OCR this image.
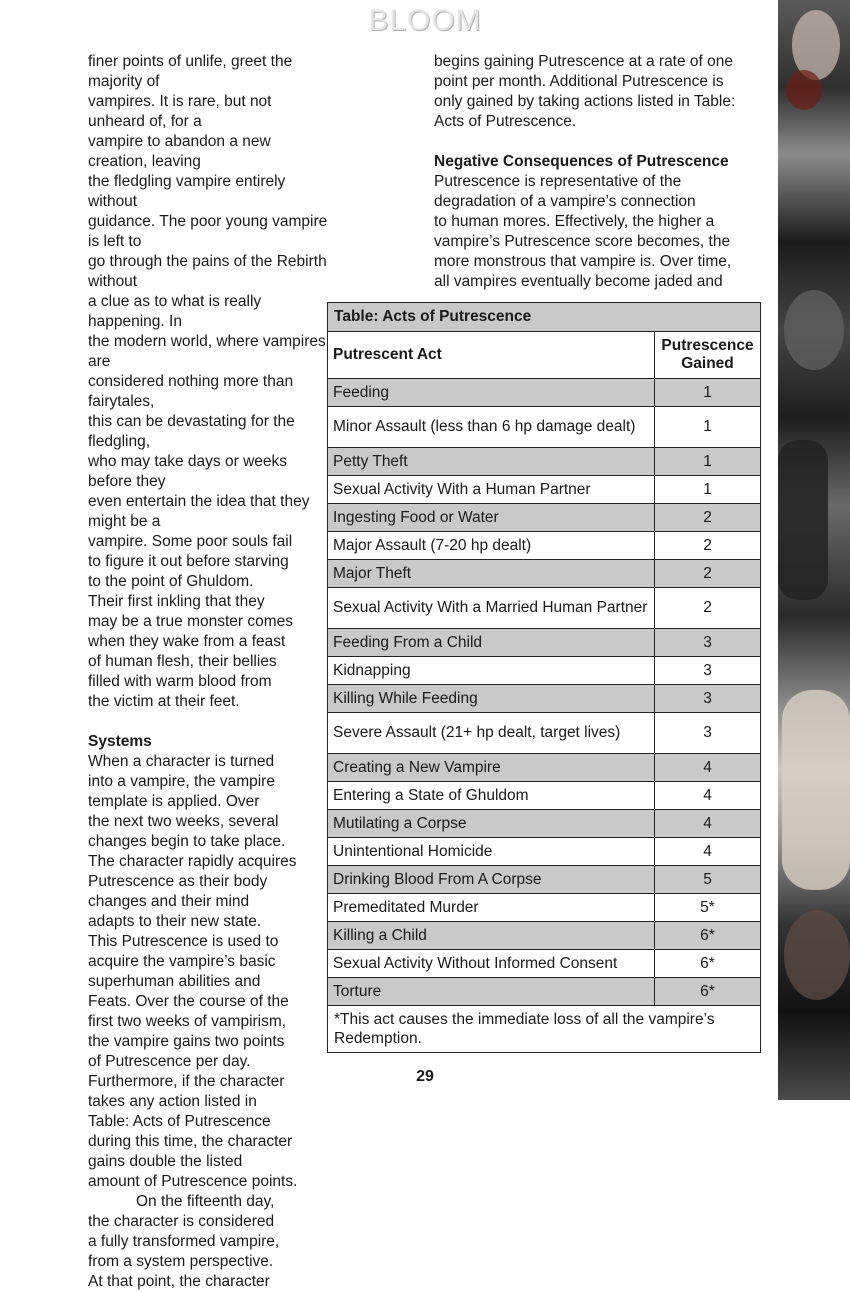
BLOOM

finer points of unlife, greet the majority of

vampires. It is rare, but not unheard of, for a

vampire to abandon a new creation, leaving

the fledgling vampire entirely without

guidance. The poor young vampire is left to

go through the pains of the Rebirth without

a clue as to what is really happening. In

the modern world, where vampires are

considered nothing more than fairytales,

this can be devastating for the fledgling,

who may take days or weeks before they

even entertain the idea that they might be a

vampire. Some poor souls fail

to figure it out before starving

to the point of Ghuldom.

Their first inkling that they

may be a true monster comes

when they wake from a feast

of human flesh, their bellies

filled with warm blood from

the victim at their feet.

Systems

When a character is turned

into a vampire, the vampire

template is applied. Over

the next two weeks, several

changes begin to take place.

The character rapidly acquires

Putrescence as their body

changes and their mind

adapts to their new state.

This Putrescence is used to

acquire the vampire’s basic

superhuman abilities and

Feats. Over the course of the

first two weeks of vampirism,

the vampire gains two points

of Putrescence per day.

Furthermore, if the character

takes any action listed in

Table: Acts of Putrescence

during this time, the character

gains double the listed

amount of Putrescence points.

On the fifteenth day,

the character is considered

a fully transformed vampire,

from a system perspective.

At that point, the character

begins gaining Putrescence at a rate of one

point per month. Additional Putrescence is

only gained by taking actions listed in Table:

Acts of Putrescence.

Negative Consequences of Putrescence

Putrescence is representative of the

degradation of a vampire’s connection

to human mores. Effectively, the higher a

vampire’s Putrescence score becomes, the

more monstrous that vampire is. Over time,

all vampires eventually become jaded and

Table: Acts of Putrescence	
Putrescent Act	Putrescence Gained
Feeding	1
Minor Assault (less than 6 hp damage dealt)	1
Petty Theft	1
Sexual Activity With a Human Partner	1
Ingesting Food or Water	2
Major Assault (7-20 hp dealt)	2
Major Theft	2
Sexual Activity With a Married Human Partner	2
Feeding From a Child	3
Kidnapping	3
Killing While Feeding	3
Severe Assault (21+ hp dealt, target lives)	3
Creating a New Vampire	4
Entering a State of Ghuldom	4
Mutilating a Corpse	4
Unintentional Homicide	4
Drinking Blood From A Corpse	5
Premeditated Murder	5*
Killing a Child	6*
Sexual Activity Without Informed Consent	6*
Torture	6*
*This act causes the immediate loss of all the vampire’s Redemption.	
29
